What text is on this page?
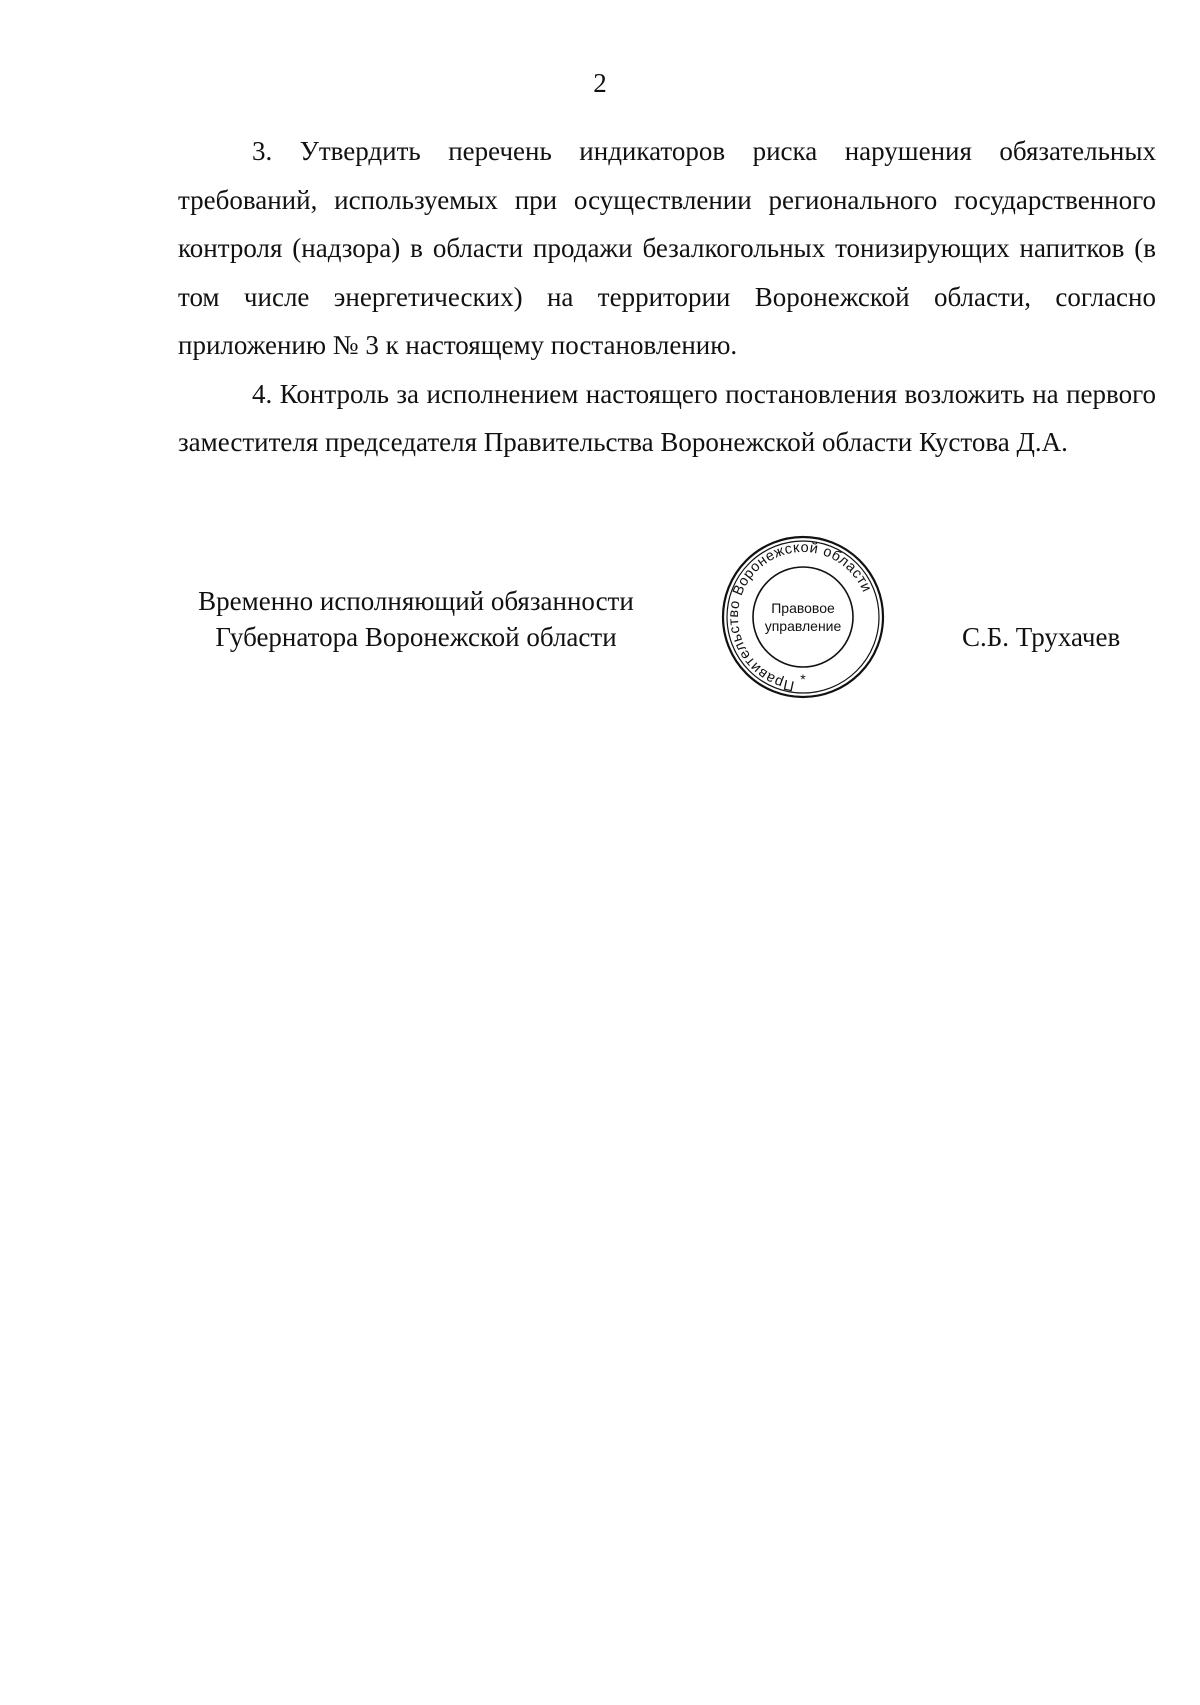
2

3. Утвердить перечень индикаторов риска нарушения обязательных требований, используемых при осуществлении регионального государственного контроля (надзора) в области продажи безалкогольных тонизирующих напитков (в том числе энергетических) на территории Воронежской области, согласно приложению № 3 к настоящему постановлению.

4. Контроль за исполнением настоящего постановления возложить на первого заместителя председателя Правительства Воронежской области Кустова Д.А.

Временно исполняющий обязанности
Губернатора Воронежской области
Правительство Воронежской области
Правовое
управление
*
С.Б. Трухачев
